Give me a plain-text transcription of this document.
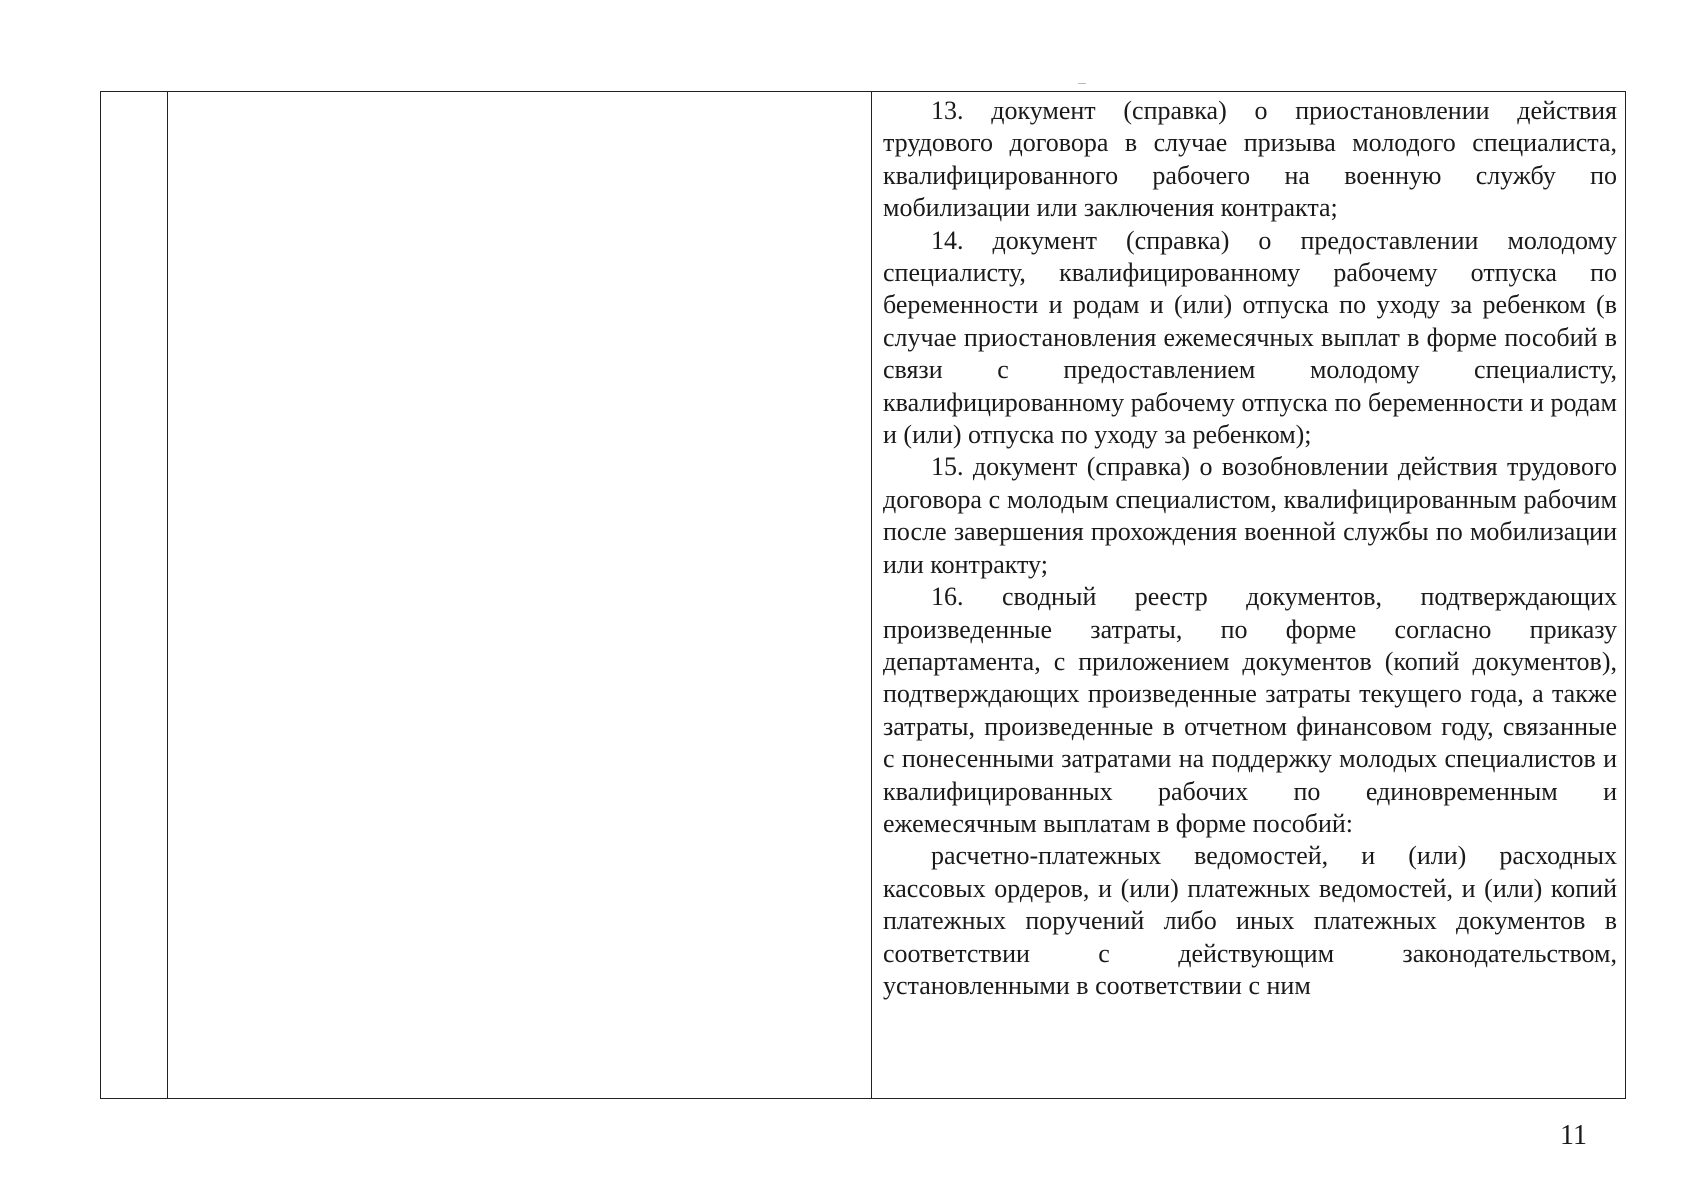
13. документ (справка) о приостановлении действия трудового договора в случае призыва молодого специалиста, квалифицированного рабочего на военную службу по мобилизации или заключения контракта;

14. документ (справка) о предоставлении молодому специалисту, квалифицированному рабочему отпуска по беременности и родам и (или) отпуска по уходу за ребенком (в случае приостановления ежемесячных выплат в форме пособий в связи с предоставлением молодому специалисту, квалифицированному рабочему отпуска по беременности и родам и (или) отпуска по уходу за ребенком);

15. документ (справка) о возобновлении действия трудового договора с молодым специалистом, квалифицированным рабочим после завершения прохождения военной службы по мобилизации или контракту;

16. сводный реестр документов, подтверждающих произведенные затраты, по форме согласно приказу департамента, с приложением документов (копий документов), подтверждающих произведенные затраты текущего года, а также затраты, произведенные в отчетном финансовом году, связанные с понесенными затратами на поддержку молодых специалистов и квалифицированных рабочих по единовременным и ежемесячным выплатам в форме пособий:

расчетно-платежных ведомостей, и (или) расходных кассовых ордеров, и (или) платежных ведомостей, и (или) копий платежных поручений либо иных платежных документов в соответствии с действующим законодательством, установленными в соответствии с ним

11
